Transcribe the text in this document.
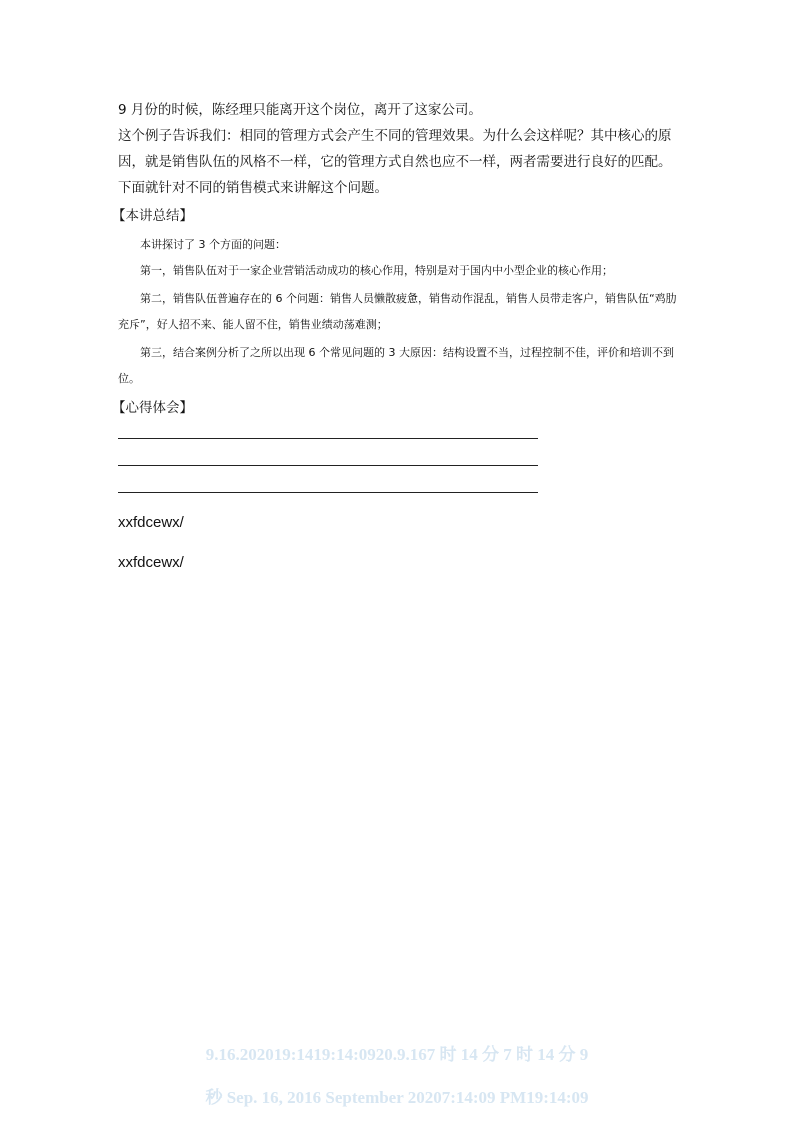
9 月份的时候，陈经理只能离开这个岗位，离开了这家公司。
这个例子告诉我们：相同的管理方式会产生不同的管理效果。为什么会这样呢？其中核心的原因，就是销售队伍的风格不一样，它的管理方式自然也应不一样，两者需要进行良好的匹配。下面就针对不同的销售模式来讲解这个问题。
【本讲总结】
本讲探讨了 3 个方面的问题：
第一，销售队伍对于一家企业营销活动成功的核心作用，特别是对于国内中小型企业的核心作用；
第二，销售队伍普遍存在的 6 个问题：销售人员懒散疲惫，销售动作混乱，销售人员带走客户，销售队伍“鸡肋充斥”，好人招不来、能人留不住，销售业绩动荡难测；
第三，结合案例分析了之所以出现 6 个常见问题的 3 大原因：结构设置不当，过程控制不佳，评价和培训不到位。
【心得体会】
xxfdcewx/
xxfdcewx/
9.16.202019:1419:14:0920.9.167 时 14 分 7 时 14 分 9
秒 Sep. 16, 2016 September 20207:14:09 PM19:14:09
